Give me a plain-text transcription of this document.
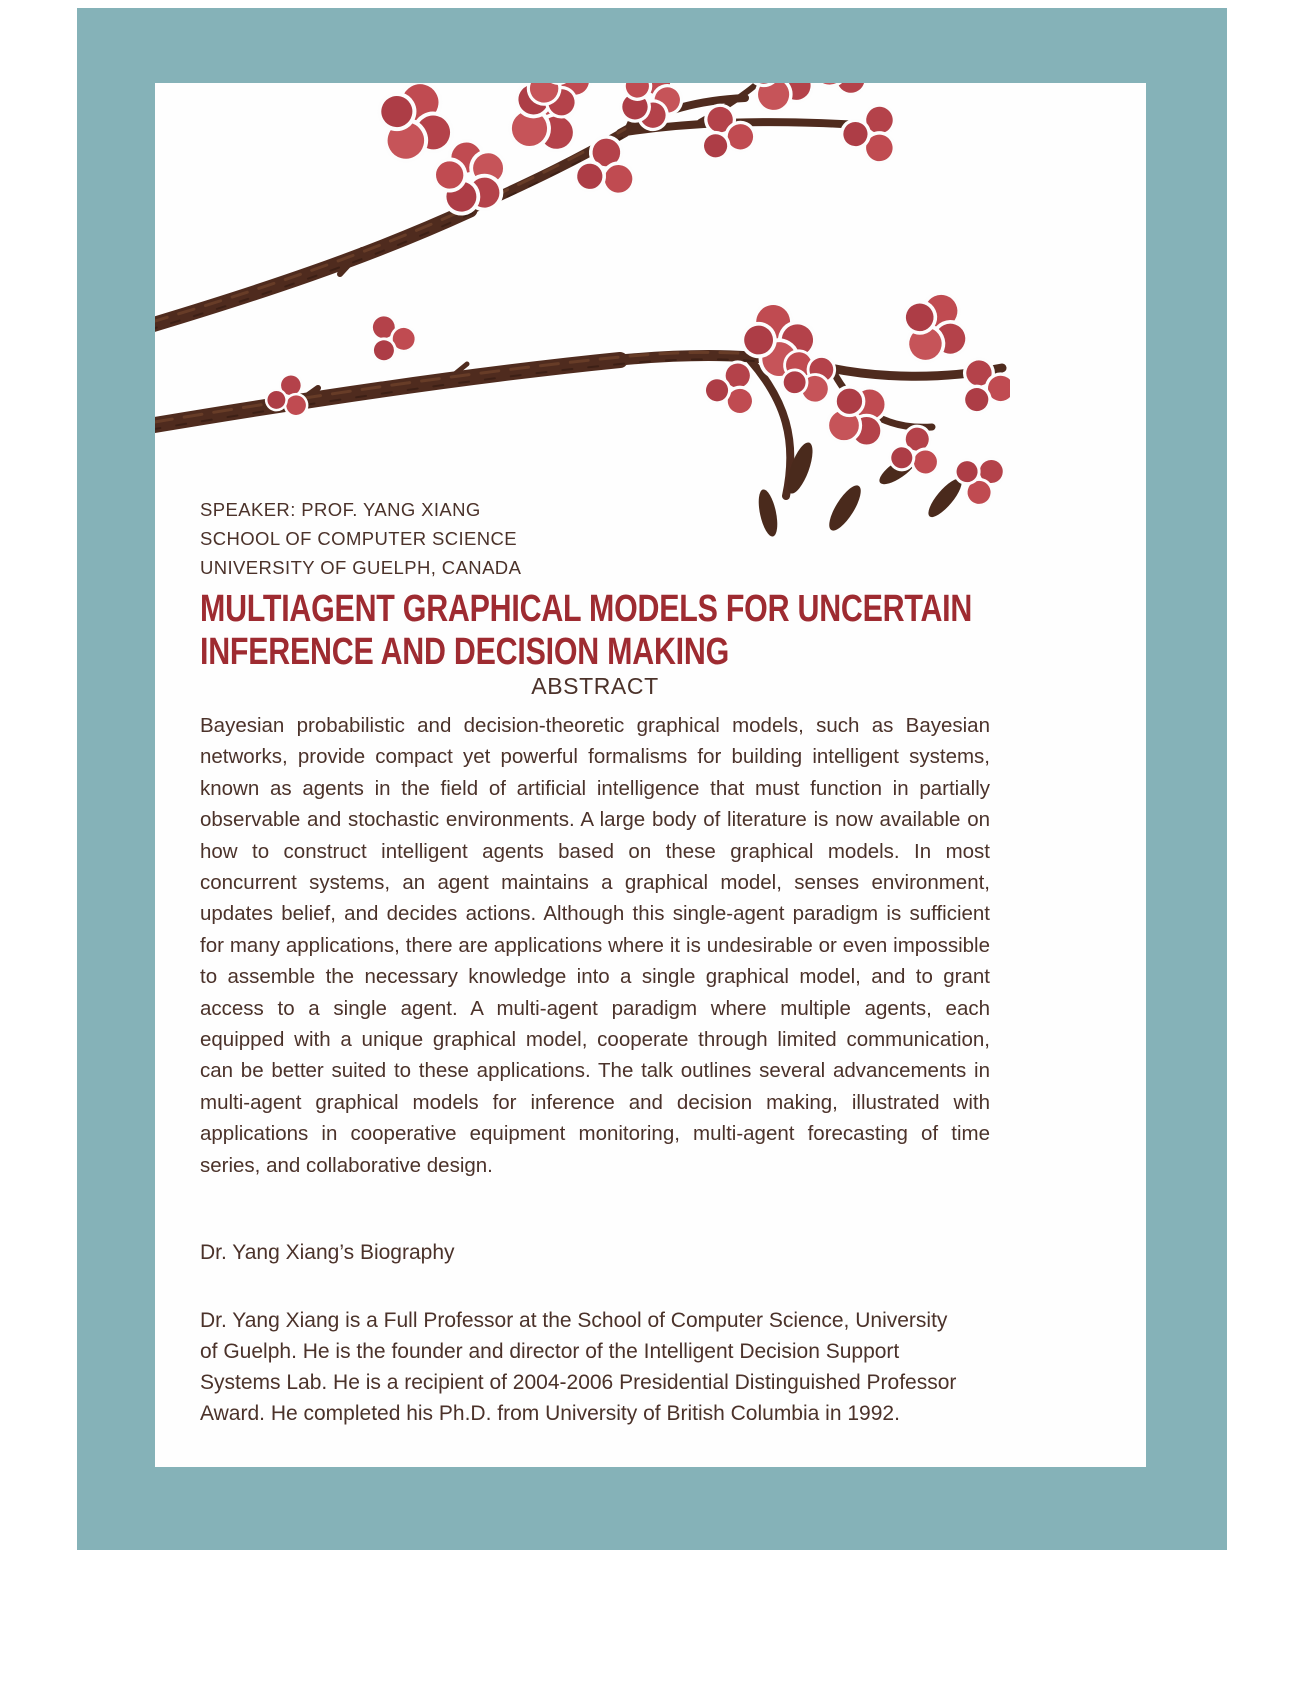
SPEAKER: PROF. YANG XIANG
SCHOOL OF COMPUTER SCIENCE
UNIVERSITY OF GUELPH, CANADA
MULTIAGENT GRAPHICAL MODELS FOR UNCERTAIN
INFERENCE AND DECISION MAKING
ABSTRACT
Bayesian probabilistic and decision-theoretic graphical models, such as Bayesian networks, provide compact yet powerful formalisms for building intelligent systems, known as agents in the field of artificial intelligence that must function in partially observable and stochastic environments. A large body of literature is now available on how to construct intelligent agents based on these graphical models. In most concurrent systems, an agent maintains a graphical model, senses environment, updates belief, and decides actions. Although this single-agent paradigm is sufficient for many applications, there are applications where it is undesirable or even impossible to assemble the necessary knowledge into a single graphical model, and to grant access to a single agent. A multi-agent paradigm where multiple agents, each equipped with a unique graphical model, cooperate through limited communication, can be better suited to these applications. The talk outlines several advancements in multi-agent graphical models for inference and decision making, illustrated with applications in cooperative equipment monitoring, multi-agent forecasting of time series, and collaborative design.
Dr. Yang Xiang’s Biography
Dr. Yang Xiang is a Full Professor at the School of Computer Science, University of Guelph. He is the founder and director of the Intelligent Decision Support Systems Lab. He is a recipient of 2004-2006 Presidential Distinguished Professor Award. He completed his Ph.D. from University of British Columbia in 1992.
